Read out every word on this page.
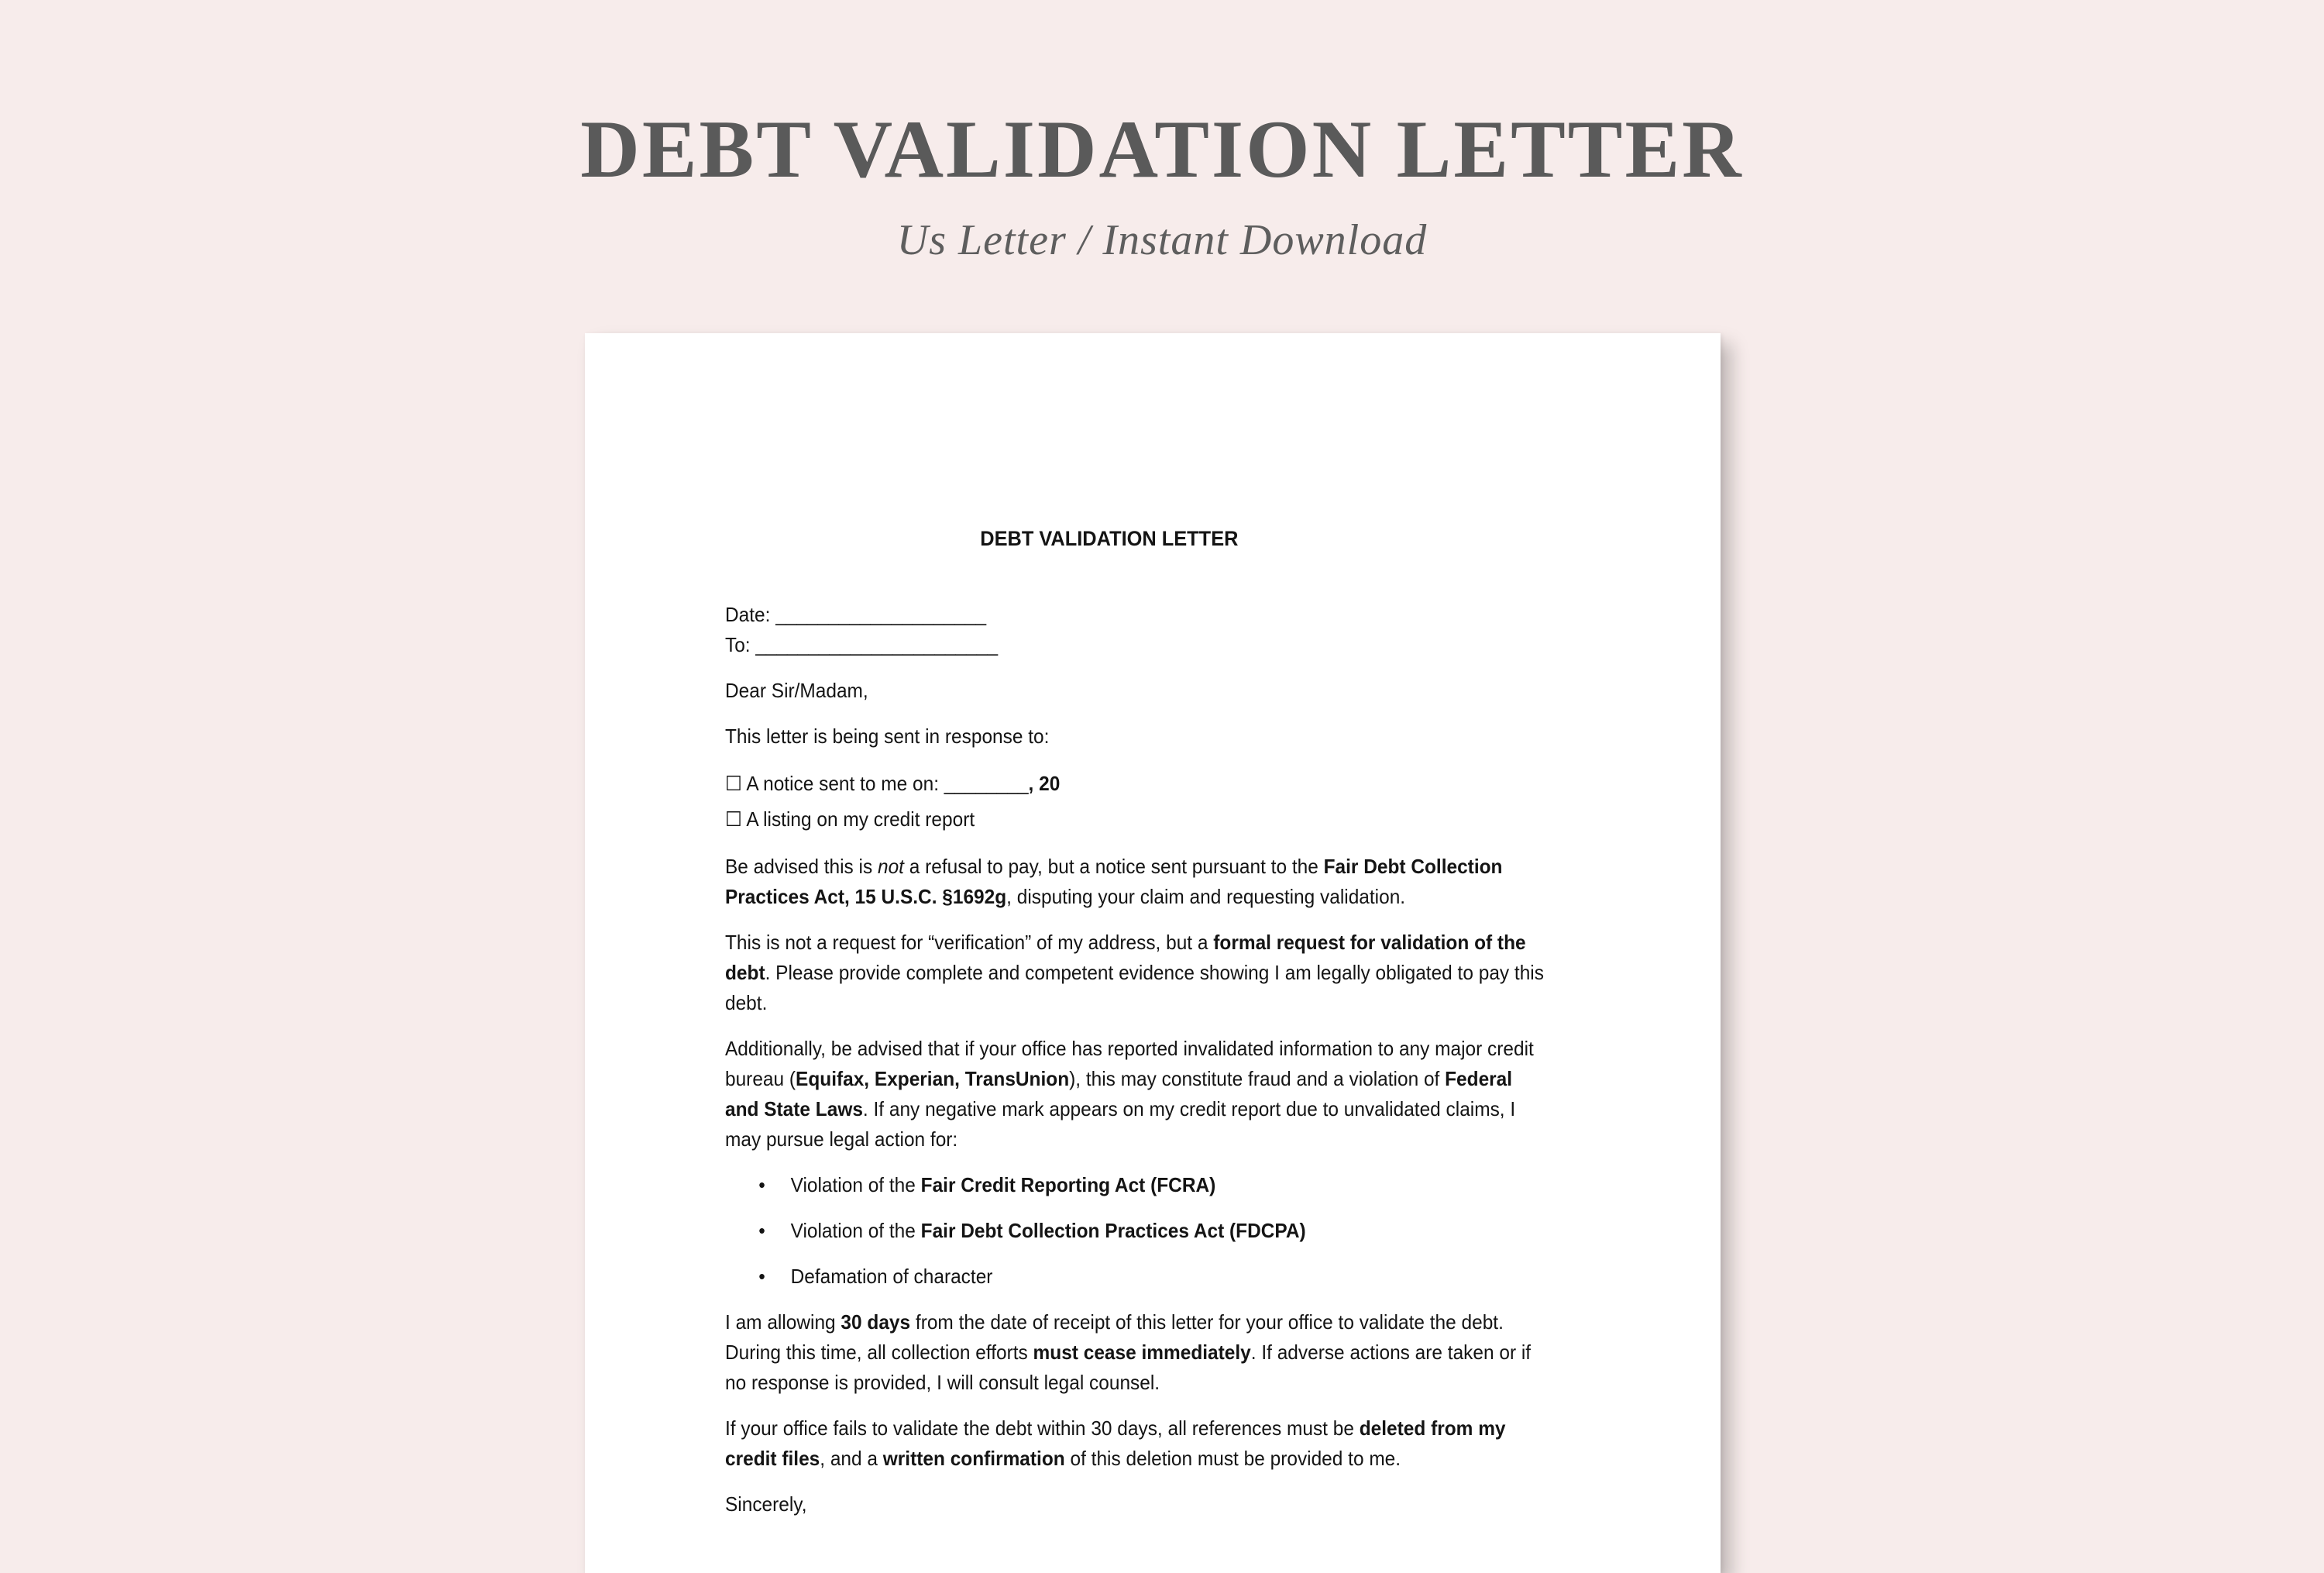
DEBT VALIDATION LETTER
Us Letter / Instant Download
DEBT VALIDATION LETTER

Date: ____________________

To: _______________________

Dear Sir/Madam,

This letter is being sent in response to:

☐ A notice sent to me on: ________, 20

☐ A listing on my credit report

Be advised this is not a refusal to pay, but a notice sent pursuant to the Fair Debt Collection Practices Act, 15 U.S.C. §1692g, disputing your claim and requesting validation.

This is not a request for “verification” of my address, but a formal request for validation of the debt. Please provide complete and competent evidence showing I am legally obligated to pay this debt.

Additionally, be advised that if your office has reported invalidated information to any major credit bureau (Equifax, Experian, TransUnion), this may constitute fraud and a violation of Federal and State Laws. If any negative mark appears on my credit report due to unvalidated claims, I may pursue legal action for:

• Violation of the Fair Credit Reporting Act (FCRA)
• Violation of the Fair Debt Collection Practices Act (FDCPA)
• Defamation of character

I am allowing 30 days from the date of receipt of this letter for your office to validate the debt. During this time, all collection efforts must cease immediately. If adverse actions are taken or if no response is provided, I will consult legal counsel.

If your office fails to validate the debt within 30 days, all references must be deleted from my credit files, and a written confirmation of this deletion must be provided to me.

Sincerely,
